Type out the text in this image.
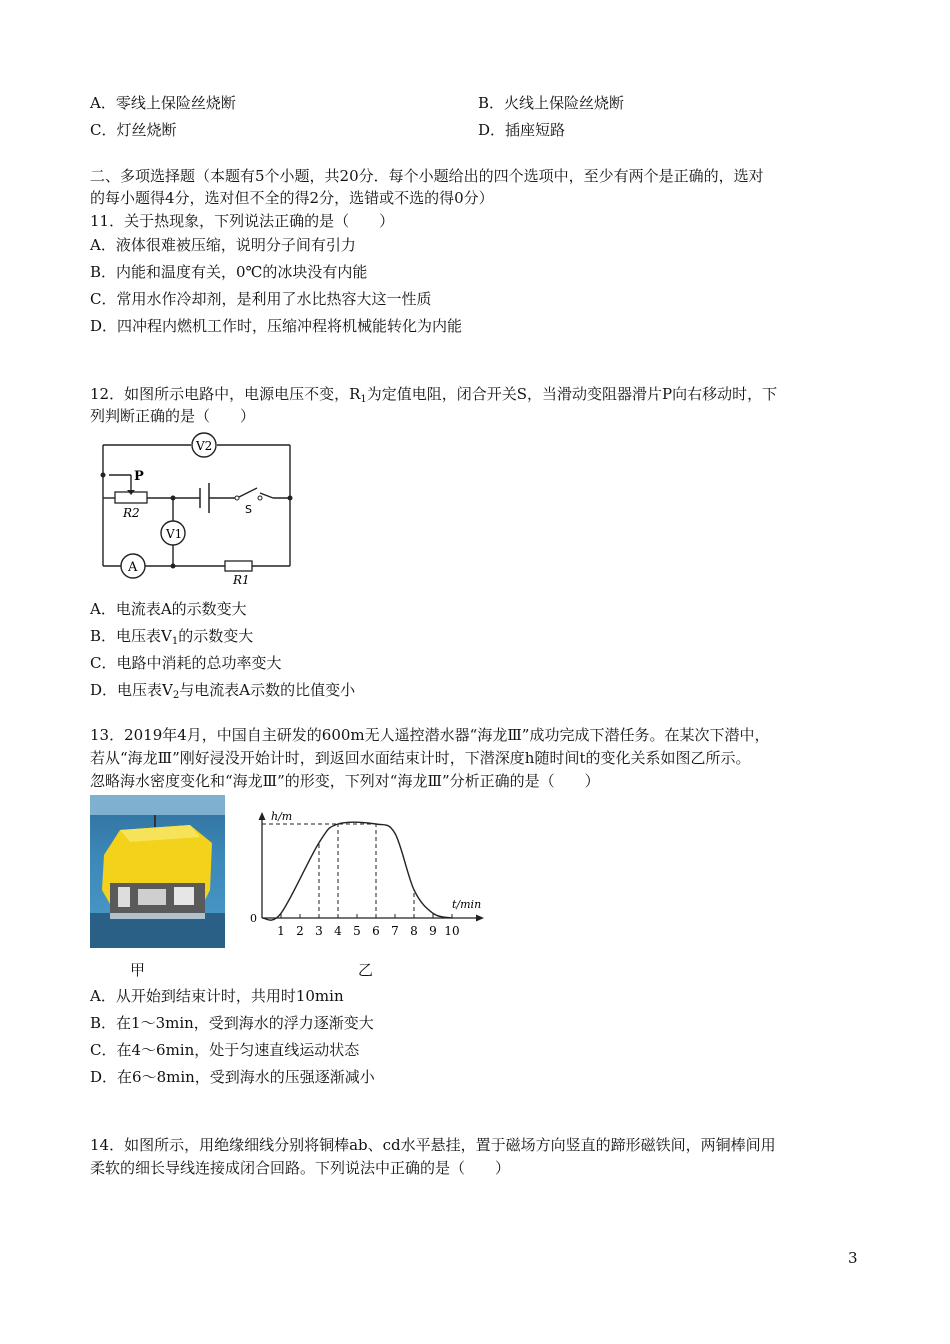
A．零线上保险丝烧断	B．火线上保险丝烧断
C．灯丝烧断	D．插座短路
二、多项选择题（本题有5个小题，共20分．每个小题给出的四个选项中，至少有两个是正确的，选对
的每小题得4分，选对但不全的得2分，选错或不选的得0分）
11．关于热现象，下列说法正确的是（　　）
A．液体很难被压缩，说明分子间有引力
B．内能和温度有关，0℃的冰块没有内能
C．常用水作冷却剂，是利用了水比热容大这一性质
D．四冲程内燃机工作时，压缩冲程将机械能转化为内能
12．如图所示电路中，电源电压不变，$R_1$为定值电阻，闭合开关S，当滑动变阻器滑片P向右移动时，下
列判断正确的是（　　）
V2
V1
A
P
R2
R1
S
A．电流表A的示数变大
B．电压表$V_1$的示数变大
C．电路中消耗的总功率变大
D．电压表$V_2$与电流表A示数的比值变小
13．2019年4月，中国自主研发的600m无人遥控潜水器“海龙Ⅲ”成功完成下潜任务。在某次下潜中，
若从“海龙Ⅲ”刚好浸没开始计时，到返回水面结束计时，下潜深度h随时间t的变化关系如图乙所示。
忽略海水密度变化和“海龙Ⅲ”的形变，下列对“海龙Ⅲ”分析正确的是（　　）
h/m
t/min
0
1 2 3 4 5 6 7 8 9 10
甲	乙
A．从开始到结束计时，共用时10min
B．在1～3min，受到海水的浮力逐渐变大
C．在4～6min，处于匀速直线运动状态
D．在6～8min，受到海水的压强逐渐减小
14．如图所示，用绝缘细线分别将铜棒ab、cd水平悬挂，置于磁场方向竖直的蹄形磁铁间，两铜棒间用
柔软的细长导线连接成闭合回路。下列说法中正确的是（　　）
3
